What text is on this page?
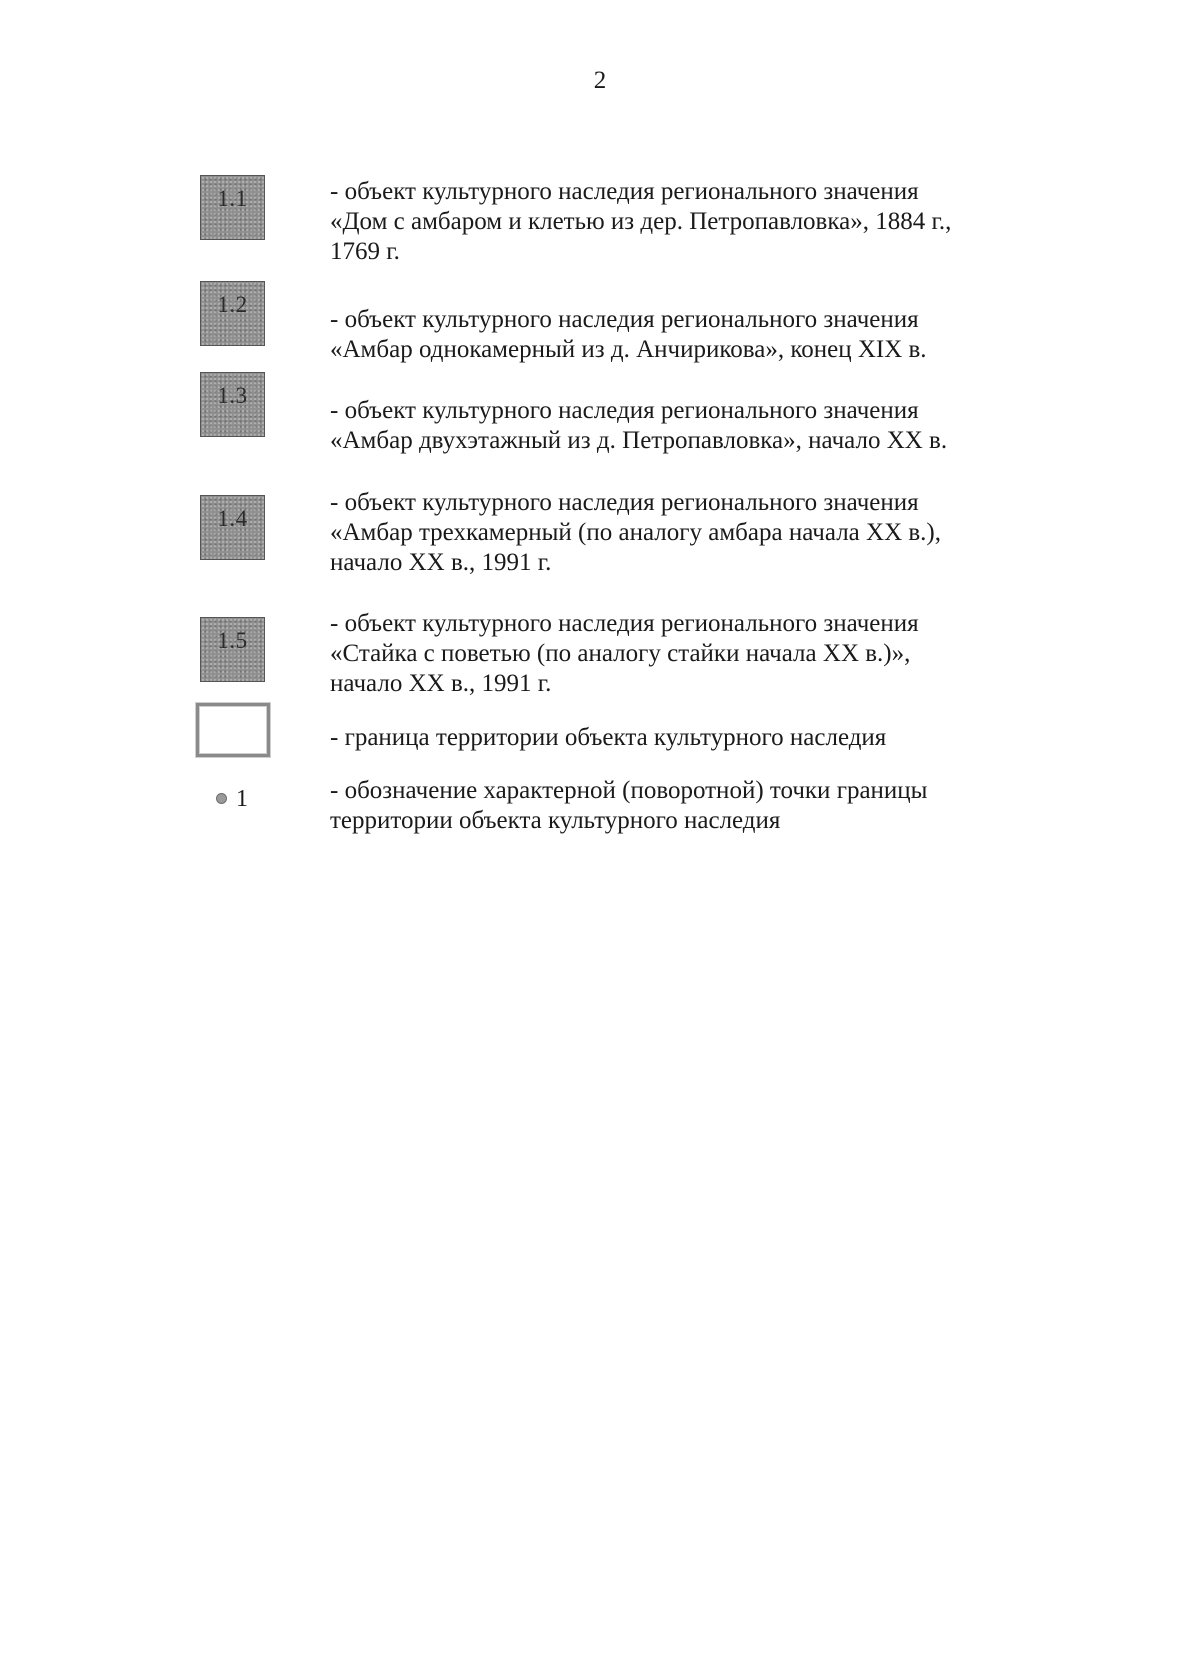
2
1.1	- объект культурного наследия регионального значения
«Дом с амбаром и клетью из дер. Петропавловка», 1884 г.,
1769 г.
1.2
- объект культурного наследия регионального значения
«Амбар однокамерный из д. Анчирикова», конец XIX в.
1.3
- объект культурного наследия регионального значения
«Амбар двухэтажный из д. Петропавловка», начало XX в.
1.4
- объект культурного наследия регионального значения
«Амбар трехкамерный (по аналогу амбара начала XX в.),
начало XX в., 1991 г.
1.5
- объект культурного наследия регионального значения
«Стайка с поветью (по аналогу стайки начала XX в.)»,
начало XX в., 1991 г.
- граница территории объекта культурного наследия
1	- обозначение характерной (поворотной) точки границы
территории объекта культурного наследия
